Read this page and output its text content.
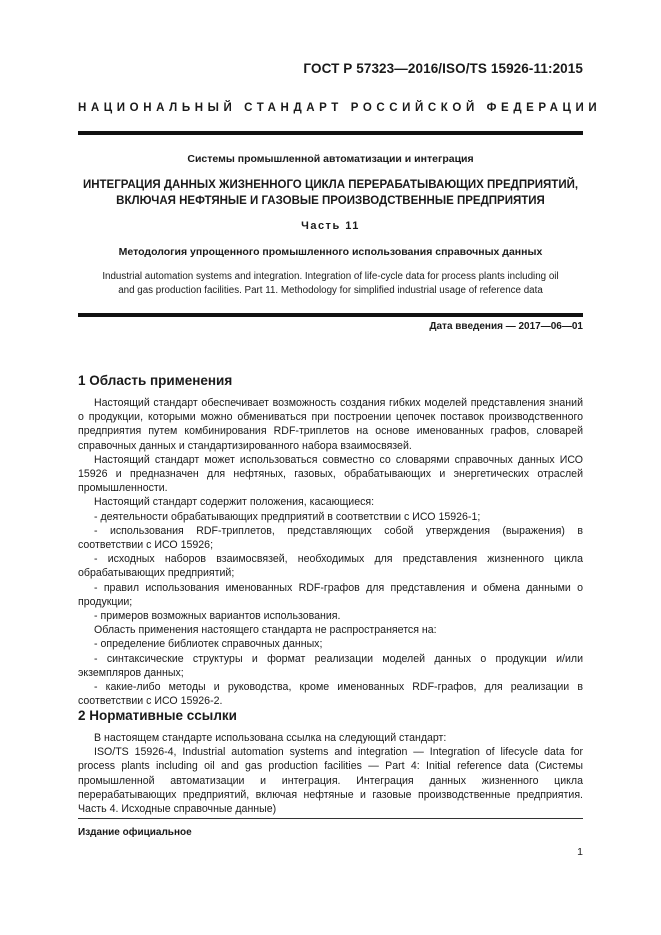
ГОСТ Р 57323—2016/ISO/TS 15926-11:2015
НАЦИОНАЛЬНЫЙ СТАНДАРТ РОССИЙСКОЙ ФЕДЕРАЦИИ
Системы промышленной автоматизации и интеграция
ИНТЕГРАЦИЯ ДАННЫХ ЖИЗНЕННОГО ЦИКЛА ПЕРЕРАБАТЫВАЮЩИХ ПРЕДПРИЯТИЙ,
ВКЛЮЧАЯ НЕФТЯНЫЕ И ГАЗОВЫЕ ПРОИЗВОДСТВЕННЫЕ ПРЕДПРИЯТИЯ
Часть 11
Методология упрощенного промышленного использования справочных данных
Industrial automation systems and integration. Integration of life-cycle data for process plants including oil
and gas production facilities. Part 11. Methodology for simplified industrial usage of reference data
Дата введения — 2017—06—01
1 Область применения

Настоящий стандарт обеспечивает возможность создания гибких моделей представления знаний о продукции, которыми можно обмениваться при построении цепочек поставок производственного предприятия путем комбинирования RDF-триплетов на основе именованных графов, словарей справочных данных и стандартизированного набора взаимосвязей.

Настоящий стандарт может использоваться совместно со словарями справочных данных ИСО 15926 и предназначен для нефтяных, газовых, обрабатывающих и энергетических отраслей промышленности.

Настоящий стандарт содержит положения, касающиеся:

- деятельности обрабатывающих предприятий в соответствии с ИСО 15926-1;

- использования RDF-триплетов, представляющих собой утверждения (выражения) в соответствии с ИСО 15926;

- исходных наборов взаимосвязей, необходимых для представления жизненного цикла обрабатывающих предприятий;

- правил использования именованных RDF-графов для представления и обмена данными о продукции;

- примеров возможных вариантов использования.

Область применения настоящего стандарта не распространяется на:

- определение библиотек справочных данных;

- синтаксические структуры и формат реализации моделей данных о продукции и/или экземпляров данных;

- какие-либо методы и руководства, кроме именованных RDF-графов, для реализации в соответствии с ИСО 15926-2.

2 Нормативные ссылки

В настоящем стандарте использована ссылка на следующий стандарт:

ISO/TS 15926-4, Industrial automation systems and integration — Integration of lifecycle data for process plants including oil and gas production facilities — Part 4: Initial reference data (Системы промышленной автоматизации и интеграция. Интеграция данных жизненного цикла перерабатывающих предприятий, включая нефтяные и газовые производственные предприятия. Часть 4. Исходные справочные данные)

Издание официальное
1
